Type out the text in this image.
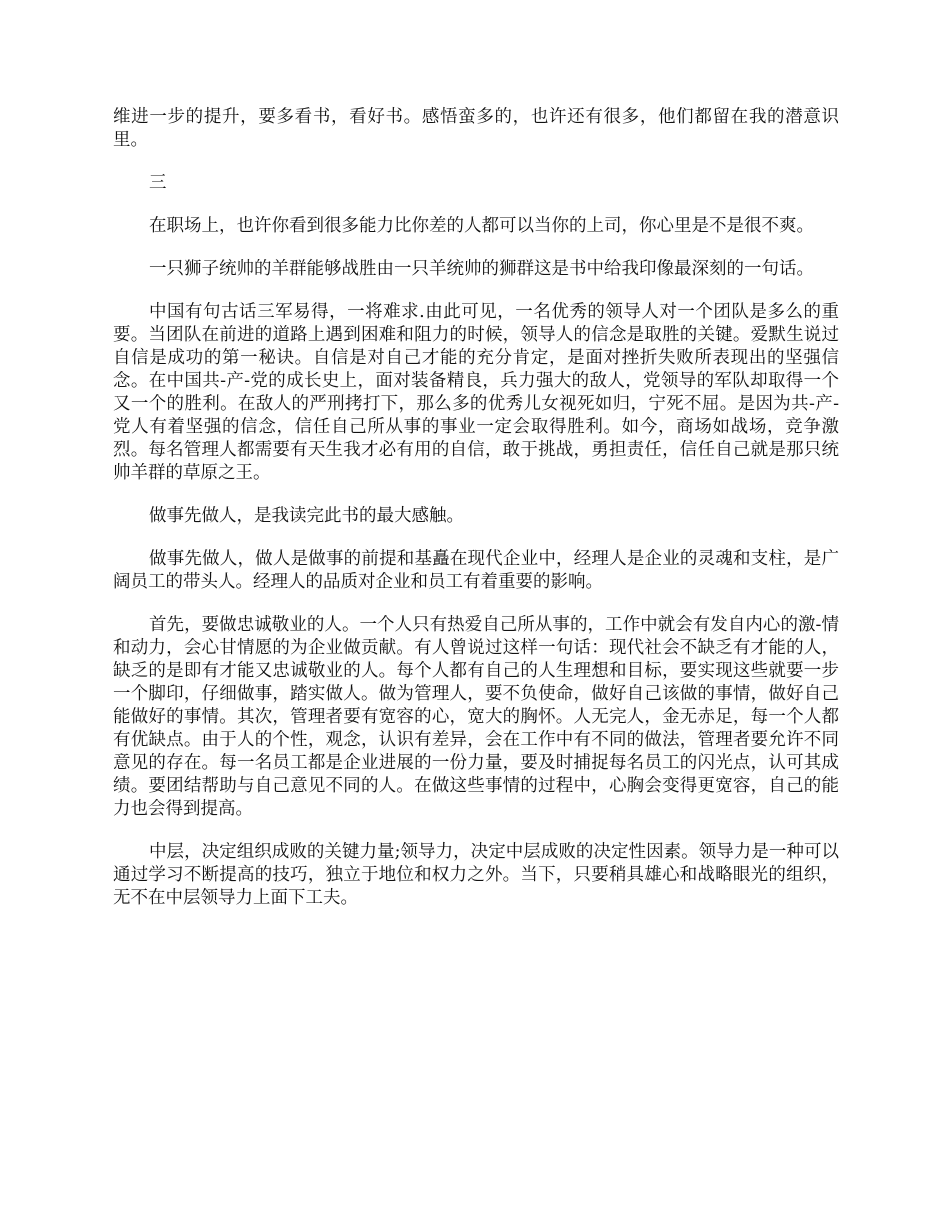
维进一步的提升，要多看书，看好书。感悟蛮多的，也许还有很多，他们都留在我的潜意识里。

三

在职场上，也许你看到很多能力比你差的人都可以当你的上司，你心里是不是很不爽。

一只狮子统帅的羊群能够战胜由一只羊统帅的狮群这是书中给我印像最深刻的一句话。

中国有句古话三军易得，一将难求.由此可见，一名优秀的领导人对一个团队是多么的重要。当团队在前进的道路上遇到困难和阻力的时候，领导人的信念是取胜的关键。爱默生说过自信是成功的第一秘诀。自信是对自己才能的充分肯定，是面对挫折失败所表现出的坚强信念。在中国共-产-党的成长史上，面对装备精良，兵力强大的敌人，党领导的军队却取得一个又一个的胜利。在敌人的严刑拷打下，那么多的优秀儿女视死如归，宁死不屈。是因为共-产-党人有着坚强的信念，信任自己所从事的事业一定会取得胜利。如今，商场如战场，竞争激烈。每名管理人都需要有天生我才必有用的自信，敢于挑战，勇担责任，信任自己就是那只统帅羊群的草原之王。

做事先做人，是我读完此书的最大感触。

做事先做人，做人是做事的前提和基矗在现代企业中，经理人是企业的灵魂和支柱，是广阔员工的带头人。经理人的品质对企业和员工有着重要的影响。

首先，要做忠诚敬业的人。一个人只有热爱自己所从事的，工作中就会有发自内心的激-情和动力，会心甘情愿的为企业做贡献。有人曾说过这样一句话：现代社会不缺乏有才能的人，缺乏的是即有才能又忠诚敬业的人。每个人都有自己的人生理想和目标，要实现这些就要一步一个脚印，仔细做事，踏实做人。做为管理人，要不负使命，做好自己该做的事情，做好自己能做好的事情。其次，管理者要有宽容的心，宽大的胸怀。人无完人，金无赤足，每一个人都有优缺点。由于人的个性，观念，认识有差异，会在工作中有不同的做法，管理者要允许不同意见的存在。每一名员工都是企业进展的一份力量，要及时捕捉每名员工的闪光点，认可其成绩。要团结帮助与自己意见不同的人。在做这些事情的过程中，心胸会变得更宽容，自己的能力也会得到提高。

中层，决定组织成败的关键力量;领导力，决定中层成败的决定性因素。领导力是一种可以通过学习不断提高的技巧，独立于地位和权力之外。当下，只要稍具雄心和战略眼光的组织，无不在中层领导力上面下工夫。
